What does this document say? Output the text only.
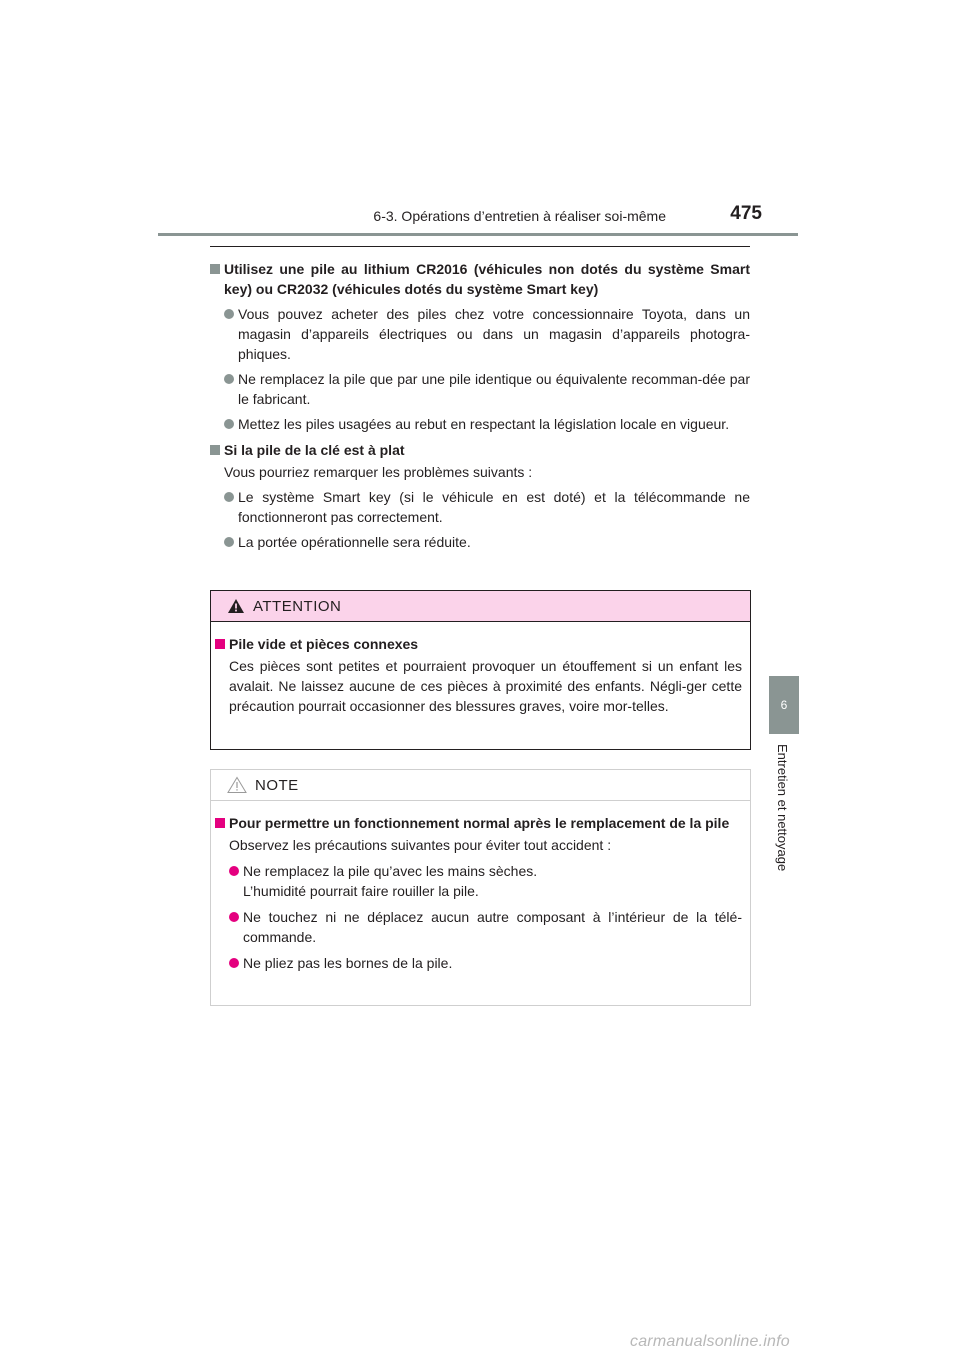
6-3. Opérations d’entretien à réaliser soi-même	475
6
Entretien et nettoyage
Utilisez une pile au lithium CR2016 (véhicules non dotés du système Smart key) ou CR2032 (véhicules dotés du système Smart key)
Vous pouvez acheter des piles chez votre concessionnaire Toyota, dans un magasin d’appareils électriques ou dans un magasin d’appareils photogra-phiques.
Ne remplacez la pile que par une pile identique ou équivalente recomman-dée par le fabricant.
Mettez les piles usagées au rebut en respectant la législation locale en vigueur.
Si la pile de la clé est à plat
Vous pourriez remarquer les problèmes suivants :
Le système Smart key (si le véhicule en est doté) et la télécommande ne fonctionneront pas correctement.
La portée opérationnelle sera réduite.
ATTENTION
Pile vide et pièces connexes
Ces pièces sont petites et pourraient provoquer un étouffement si un enfant les avalait. Ne laissez aucune de ces pièces à proximité des enfants. Négli-ger cette précaution pourrait occasionner des blessures graves, voire mor-telles.
NOTE
Pour permettre un fonctionnement normal après le remplacement de la pile
Observez les précautions suivantes pour éviter tout accident :
Ne remplacez la pile qu’avec les mains sèches.
L’humidité pourrait faire rouiller la pile.
Ne touchez ni ne déplacez aucun autre composant à l’intérieur de la télé-commande.
Ne pliez pas les bornes de la pile.
carmanualsonline.info
